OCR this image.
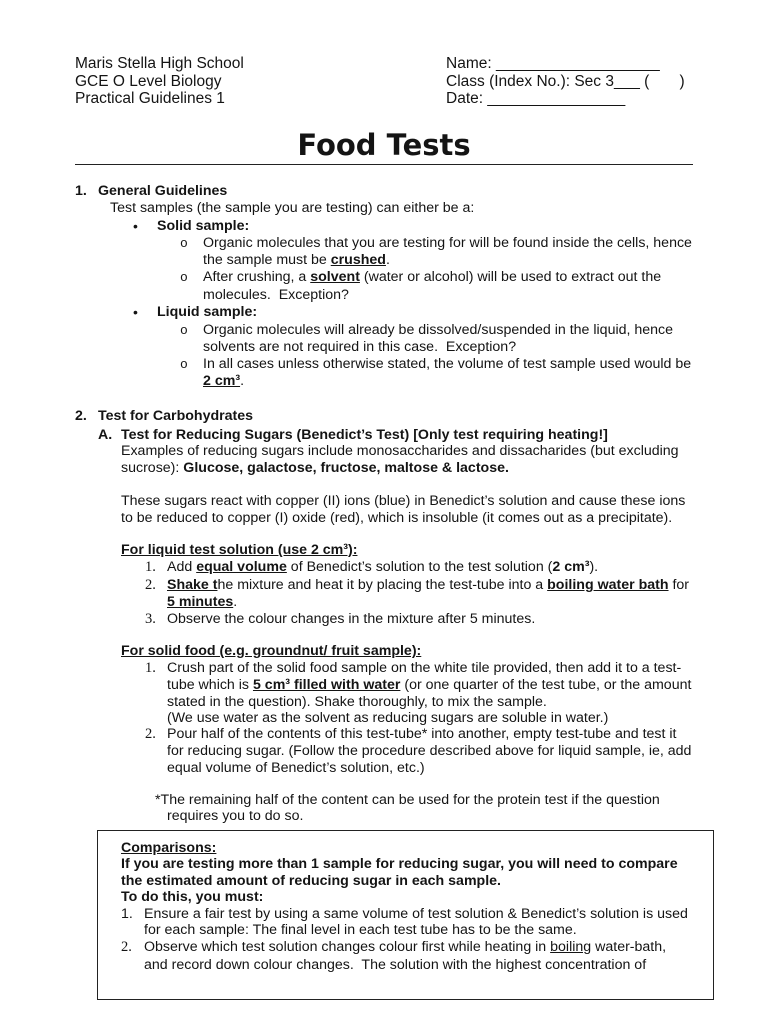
Maris Stella High School
GCE O Level Biology
Practical Guidelines 1
Name: ___________________
Class (Index No.): Sec 3___ (       )
Date: ________________
Food Tests
1. General Guidelines
Test samples (the sample you are testing) can either be a:
• Solid sample:
o Organic molecules that you are testing for will be found inside the cells, hence
the sample must be crushed.
o After crushing, a solvent (water or alcohol) will be used to extract out the
molecules.  Exception?
• Liquid sample:
o Organic molecules will already be dissolved/suspended in the liquid, hence
solvents are not required in this case.  Exception?
o In all cases unless otherwise stated, the volume of test sample used would be
2 cm³.
2. Test for Carbohydrates
A. Test for Reducing Sugars (Benedict’s Test) [Only test requiring heating!]
Examples of reducing sugars include monosaccharides and dissacharides (but excluding
sucrose): Glucose, galactose, fructose, maltose & lactose.
These sugars react with copper (II) ions (blue) in Benedict’s solution and cause these ions
to be reduced to copper (I) oxide (red), which is insoluble (it comes out as a precipitate).
For liquid test solution (use 2 cm³):
1. Add equal volume of Benedict’s solution to the test solution (2 cm³).
2. Shake the mixture and heat it by placing the test-tube into a boiling water bath for
5 minutes.
3. Observe the colour changes in the mixture after 5 minutes.
For solid food (e.g. groundnut/ fruit sample):
1. Crush part of the solid food sample on the white tile provided, then add it to a test-
tube which is 5 cm³ filled with water (or one quarter of the test tube, or the amount
stated in the question). Shake thoroughly, to mix the sample.
(We use water as the solvent as reducing sugars are soluble in water.)
2. Pour half of the contents of this test-tube* into another, empty test-tube and test it
for reducing sugar. (Follow the procedure described above for liquid sample, ie, add
equal volume of Benedict’s solution, etc.)
*The remaining half of the content can be used for the protein test if the question
requires you to do so.
Comparisons:
If you are testing more than 1 sample for reducing sugar, you will need to compare
the estimated amount of reducing sugar in each sample.
To do this, you must:
1. Ensure a fair test by using a same volume of test solution & Benedict’s solution is used
for each sample: The final level in each test tube has to be the same.
2. Observe which test solution changes colour first while heating in boiling water-bath,
and record down colour changes.  The solution with the highest concentration of
